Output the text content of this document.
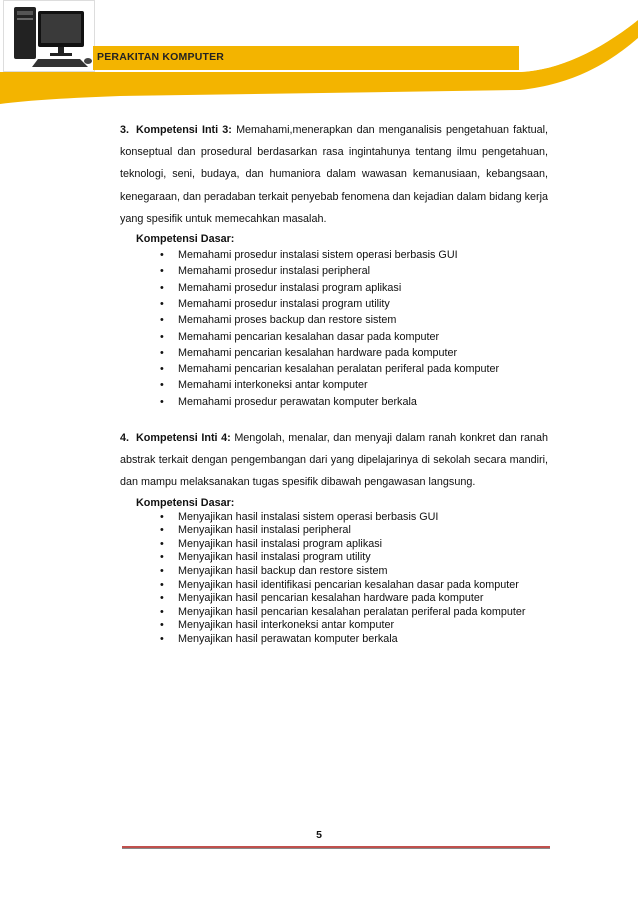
PERAKITAN KOMPUTER
3. Kompetensi Inti 3: Memahami,menerapkan dan menganalisis pengetahuan faktual, konseptual dan prosedural berdasarkan rasa ingintahunya tentang ilmu pengetahuan, teknologi, seni, budaya, dan humaniora dalam wawasan kemanusiaan, kebangsaan, kenegaraan, dan peradaban terkait penyebab fenomena dan kejadian dalam bidang kerja yang spesifik untuk memecahkan masalah.
Kompetensi Dasar:
• Memahami prosedur instalasi sistem operasi berbasis GUI
• Memahami prosedur instalasi peripheral
• Memahami prosedur instalasi program aplikasi
• Memahami prosedur instalasi program utility
• Memahami proses backup dan restore sistem
• Memahami pencarian kesalahan dasar pada komputer
• Memahami pencarian kesalahan hardware pada komputer
• Memahami pencarian kesalahan peralatan periferal pada komputer
• Memahami interkoneksi antar komputer
• Memahami prosedur perawatan komputer berkala
4. Kompetensi Inti 4: Mengolah, menalar, dan menyaji dalam ranah konkret dan ranah abstrak terkait dengan pengembangan dari yang dipelajarinya di sekolah secara mandiri, dan mampu melaksanakan tugas spesifik dibawah pengawasan langsung.
Kompetensi Dasar:
• Menyajikan hasil instalasi sistem operasi berbasis GUI
• Menyajikan hasil instalasi peripheral
• Menyajikan hasil instalasi program aplikasi
• Menyajikan hasil instalasi program utility
• Menyajikan hasil backup dan restore sistem
• Menyajikan hasil identifikasi pencarian kesalahan dasar pada komputer
• Menyajikan hasil pencarian kesalahan hardware pada komputer
• Menyajikan hasil pencarian kesalahan peralatan periferal pada komputer
• Menyajikan hasil interkoneksi antar komputer
• Menyajikan hasil perawatan komputer berkala
5
